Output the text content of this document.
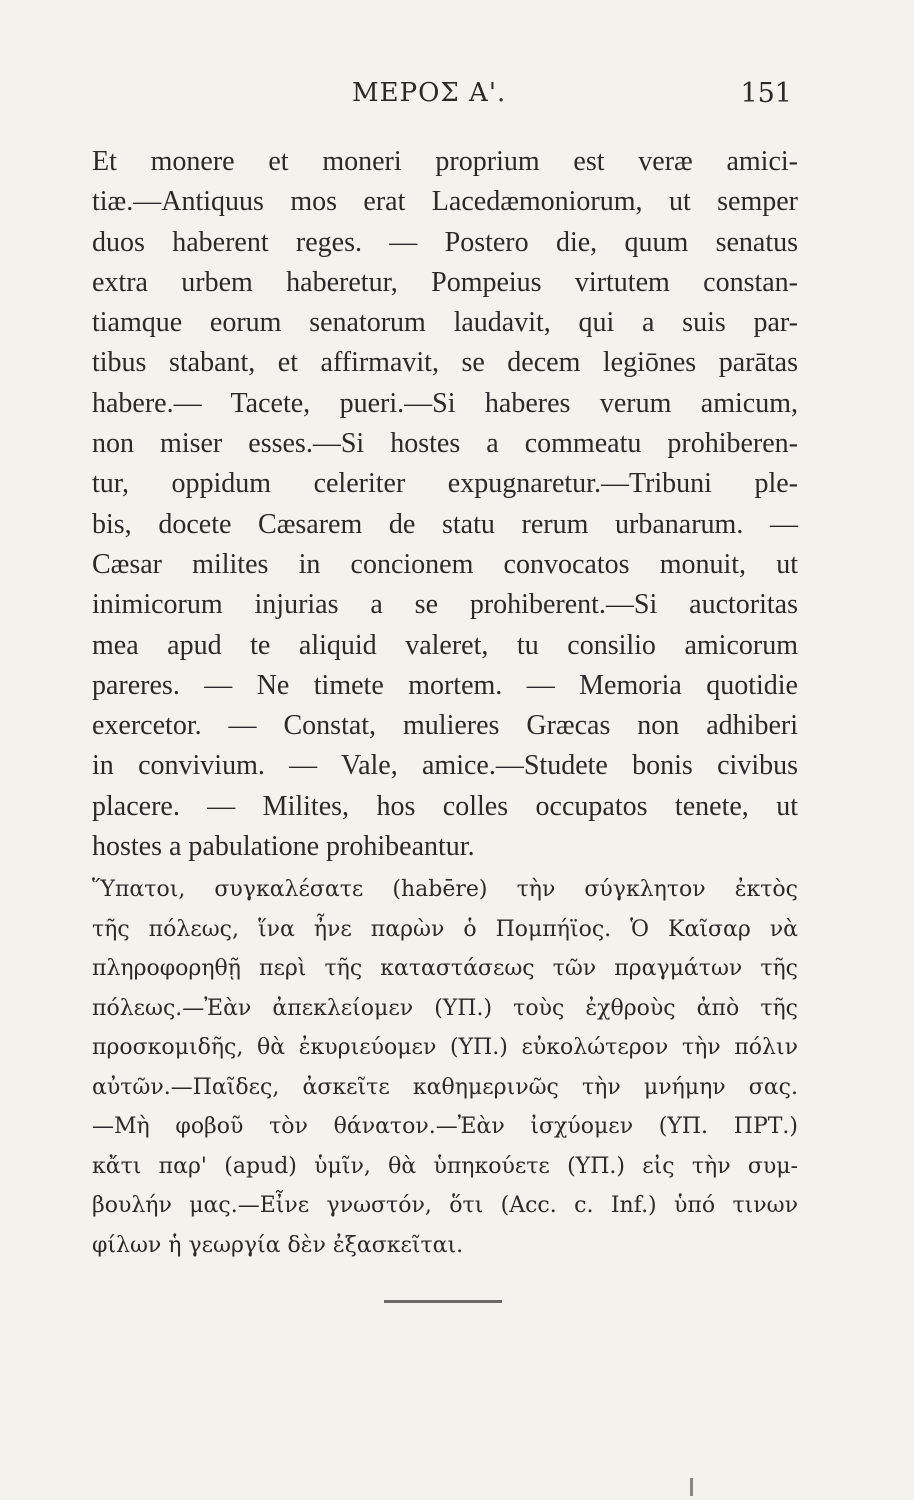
ΜΕΡΟΣ Α'.	151
Et monere et moneri proprium est veræ amici-
tiæ.—Antiquus mos erat Lacedæmoniorum, ut semper
duos haberent reges. — Postero die, quum senatus
extra urbem haberetur, Pompeius virtutem constan-
tiamque eorum senatorum laudavit, qui a suis par-
tibus stabant, et affirmavit, se decem legiōnes parātas
habere.— Tacete, pueri.—Si haberes verum amicum,
non miser esses.—Si hostes a commeatu prohiberen-
tur, oppidum celeriter expugnaretur.—Tribuni ple-
bis, docete Cæsarem de statu rerum urbanarum. —
Cæsar milites in concionem convocatos monuit, ut
inimicorum injurias a se prohiberent.—Si auctoritas
mea apud te aliquid valeret, tu consilio amicorum
pareres. — Ne timete mortem. — Memoria quotidie
exercetor. — Constat, mulieres Græcas non adhiberi
in convivium. — Vale, amice.—Studete bonis civibus
placere. — Milites, hos colles occupatos tenete, ut
hostes a pabulatione prohibeantur.
Ὕπατοι, συγκαλέσατε (habēre) τὴν σύγκλητον ἐκτὸς
τῆς πόλεως, ἵνα ἦνε παρὼν ὁ Πομπήϊος. Ὁ Καῖσαρ νὰ
πληροφορηθῇ περὶ τῆς καταστάσεως τῶν πραγμάτων τῆς
πόλεως.—Ἐὰν ἀπεκλείομεν (ΥΠ.) τοὺς ἐχθροὺς ἀπὸ τῆς
προσκομιδῆς, θὰ ἐκυριεύομεν (ΥΠ.) εὐκολώτερον τὴν πόλιν
αὐτῶν.—Παῖδες, ἀσκεῖτε καθημερινῶς τὴν μνήμην σας.
—Μὴ φοβοῦ τὸν θάνατον.—Ἐὰν ἰσχύομεν (ΥΠ. ΠΡΤ.)
κἄτι παρ' (apud) ὑμῖν, θὰ ὑπηκούετε (ΥΠ.) εἰς τὴν συμ-
βουλήν μας.—Εἶνε γνωστόν, ὅτι (Acc. c. Inf.) ὑπό τινων
φίλων ἡ γεωργία δὲν ἐξασκεῖται.
